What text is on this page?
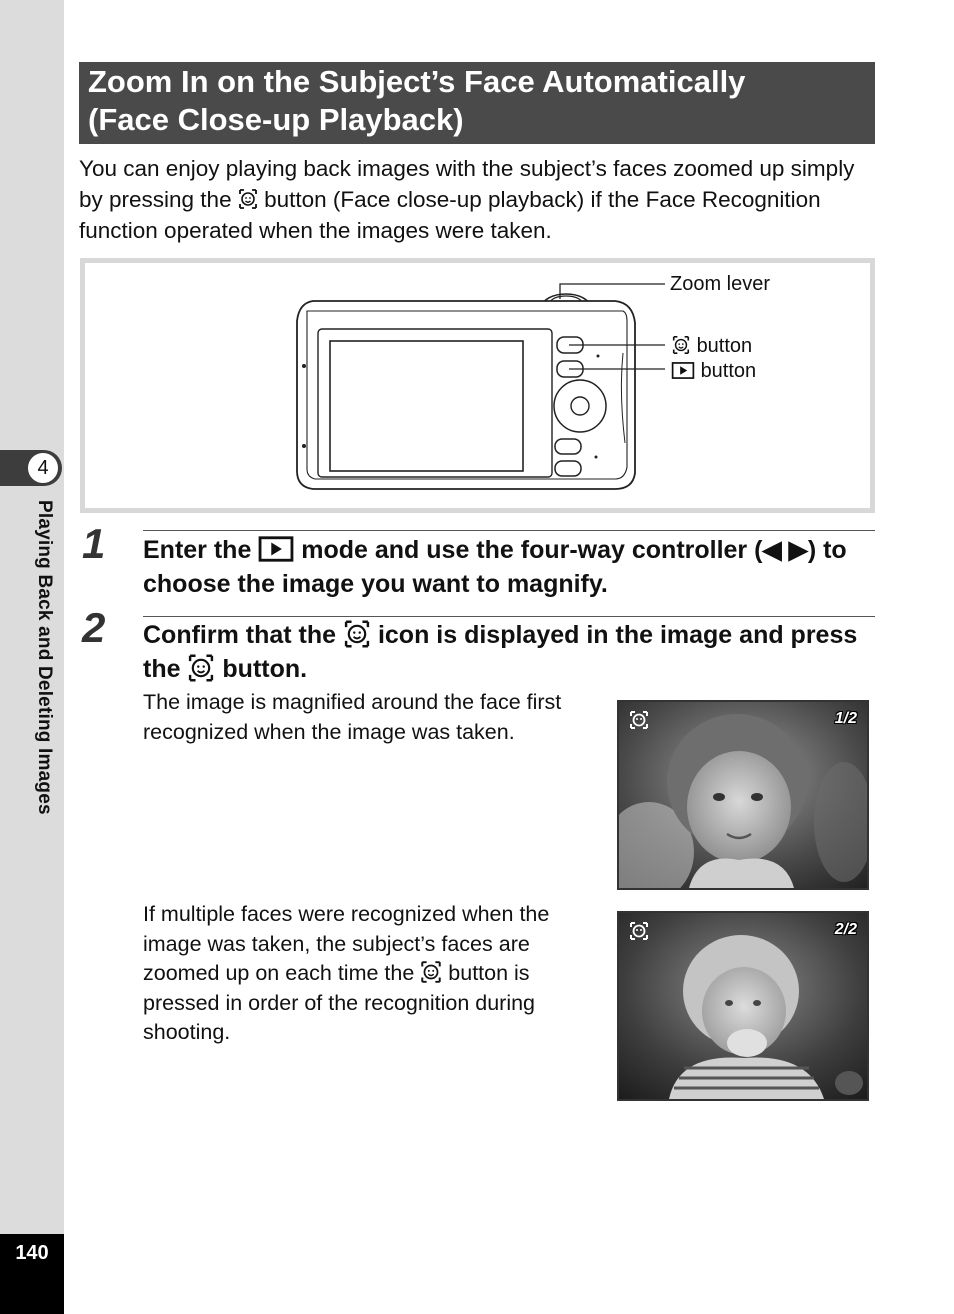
4
Playing Back and Deleting Images
140
Zoom In on the Subject’s Face Automatically
(Face Close-up Playback)
You can enjoy playing back images with the subject’s faces zoomed up simply by pressing the button (Face close-up playback) if the Face Recognition function operated when the images were taken.
Zoom lever
button
button
1 Enter the mode and use the four-way controller (◀ ▶) to choose the image you want to magnify.
2 Confirm that the icon is displayed in the image and press the button.
The image is magnified around the face first recognized when the image was taken.
If multiple faces were recognized when the image was taken, the subject’s faces are zoomed up on each time the button is pressed in order of the recognition during shooting.
1/2
2/2
